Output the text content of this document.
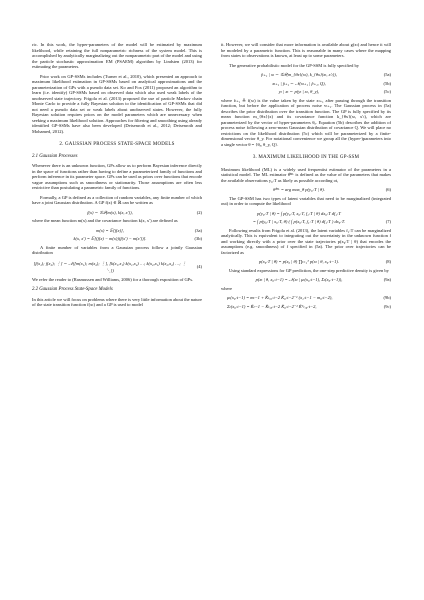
ric. In this work, the hyper-parameters of the model will be estimated by maximum likelihood, while retaining the full nonparametric richness of the system model. This is accomplished by analytically marginalizing out the nonparametric part of the model and using the particle stochastic approximation EM (PSAEM) algorithm by Lindsten (2013) for estimating the parameters.

Prior work on GP-SSMs includes (Turner et al., 2010), which presented an approach to maximum likelihood estimation in GP-SSMs based on analytical approximations and the parameterization of GPs with a pseudo data set. Ko and Fox (2011) proposed an algorithm to learn (i.e. identify) GP-SSMs based on observed data which also used weak labels of the unobserved state trajectory. Frigola et al. (2013) proposed the use of particle Markov chain Monte Carlo to provide a fully Bayesian solution to the identification of GP-SSMs that did not need a pseudo data set or weak labels about unobserved states. However, the fully Bayesian solution requires priors on the model parameters which are unnecessary when seeking a maximum likelihood solution. Approaches for filtering and smoothing using already identified GP-SSMs have also been developed (Deisenroth et al., 2012; Deisenroth and Mohamed, 2012).

2. GAUSSIAN PROCESS STATE-SPACE MODELS
2.1 Gaussian Processes

Whenever there is an unknown function, GPs allow us to perform Bayesian inference directly in the space of functions rather than having to define a parameterized family of functions and perform inference in its parameter space. GPs can be used as priors over functions that encode vague assumptions such as smoothness or stationarity. Those assumptions are often less restrictive than postulating a parametric family of functions.

Formally, a GP is defined as a collection of random variables, any finite number of which have a joint Gaussian distribution. A GP f(x) ∈ ℝ can be written as

f(x) ∼ 𝒢𝒫(m(x), k(x, x′)),	(2)

where the mean function m(x) and the covariance function k(x, x′) are defined as

m(x) = 𝔼[f(x)],	(3a)
k(x, x′) = 𝔼[(f(x) − m(x))(f(x′) − m(x′))].	(3b)

A finite number of variables from a Gaussian process follow a jointly Gaussian distribution

[f(x₁); f(x₂); ⋮] ∼ 𝒩([m(x₁); m(x₂); ⋮], [k(x₁,x₁) k(x₁,x₂) …; k(x₂,x₁) k(x₂,x₂) …; ⋮ ⋱])
(4)

We refer the reader to (Rasmussen and Williams, 2006) for a thorough exposition of GPs.

2.2 Gaussian Process State-Space Models

In this article we will focus on problems where there is very little information about the nature of the state transition function f(xₜ) and a GP is used to model

it. However, we will consider that more information is available about g(xₜ) and hence it will be modeled by a parametric function. This is reasonable in many cases where the mapping from states to observations is known, at least up to some parameters.

The generative probabilistic model for the GP-SSM is fully specified by

fₜ₊₁ | xₜ ∼ 𝒢𝒫(m_{θx}(xₜ), k_{θx}(xₜ, x′ₜ)),	(5a)
xₜ₊₁ | fₜ₊₁ ∼ 𝒩(xₜ₊₁ | fₜ₊₁, Q),	(5b)
yₜ | xₜ ∼ p(yₜ | xₜ, θ_y),	(5c)

where fₜ₊₁ ≜ f(xₜ) is the value taken by the state xₜ₊₁ after passing through the transition function, but before the application of process noise vₜ₊₁. The Gaussian process in (5a) describes the prior distribution over the transition function. The GP is fully specified by its mean function m_{θx}(x) and its covariance function k_{θx}(xₜ, x′ₜ), which are parameterized by the vector of hyper-parameters θₓ. Equation (5b) describes the addition of process noise following a zero-mean Gaussian distribution of covariance Q. We will place no restrictions on the likelihood distribution (5c) which will be parameterized by a finite-dimensional vector θ_y. For notational convenience we group all the (hyper-)parameters into a single vector θ = {θₓ, θ_y, Q}.

3. MAXIMUM LIKELIHOOD IN THE GP-SSM

Maximum likelihood (ML) is a widely used frequentist estimator of the parameters in a statistical model. The ML estimator θ̂ᴹᴸ is defined as the value of the parameters that makes the available observations y₀:T as likely as possible according ot,

θ̂ᴹᴸ = arg max_θ p(y₀:T | θ).	(6)

The GP-SSM has two types of latent variables that need to be marginalized (integrated out) in order to compute the likelihood

p(y₀:T | θ) = ∫ p(y₀:T, x₀:T, f₁:T | θ) dx₀:T df₁:T
= ∫ p(y₀:T | x₀:T, θ) ( ∫ p(x₀:T, f₁:T | θ) df₁:T ) dx₀:T.	(7)

Following results from Frigola et al. (2013), the latent variables f₁:T can be marginalized analytically. This is equivalent to integrating out the uncertainty in the unknown function f and working directly with a prior over the state trajectories p(x₀:T | θ) that encodes the assumptions (e.g. smoothness) of f specified in (5a). The prior over trajectories can be factorized as

p(x₀:T | θ) = p(x₀ | θ) ∏ₜ₌₁ᵀ p(xₜ | θ, x₀:t−1).	(8)

Using standard expressions for GP prediction, the one-step predictive density is given by

p(xₜ | θ, x₀:t−1) = 𝒩(xₜ | μₜ(x₀:t−1), Σₜ(x₀:t−1)),	(9a)

where

μₜ(x₀:t−1) = mₜ−1 + K̃ₜ,₀:t−2 K̃₀:t−2⁻¹ (x₁:t−1 − m₀:t−2),	(9b)
Σₜ(x₀:t−1) = K̃ₜ−1 − K̃ₜ,₀:t−2 K̃₀:t−2⁻¹ K̃ᵀₜ,₀:t−2,	(9c)
